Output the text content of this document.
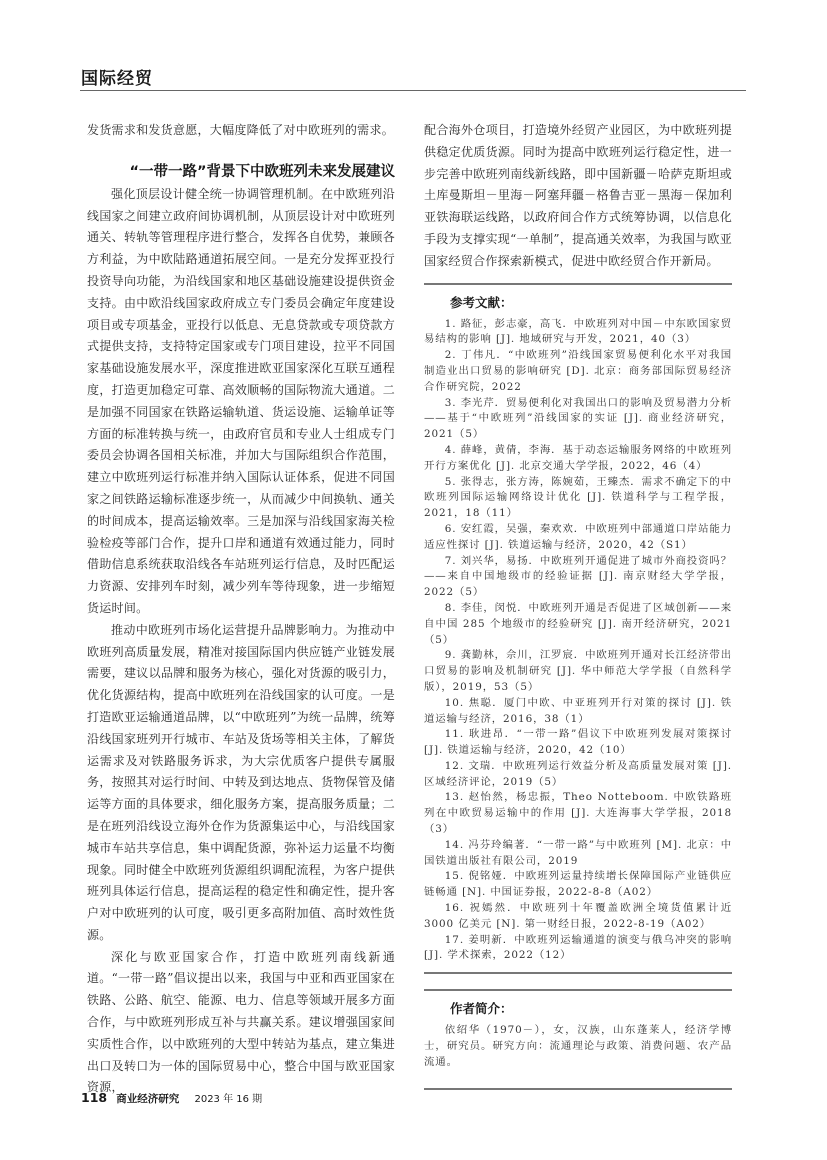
国际经贸

发货需求和发货意愿，大幅度降低了对中欧班列的需求。

“一带一路”背景下中欧班列未来发展建议

强化顶层设计健全统一协调管理机制。在中欧班列沿线国家之间建立政府间协调机制，从顶层设计对中欧班列通关、转轨等管理程序进行整合，发挥各自优势，兼顾各方利益，为中欧陆路通道拓展空间。一是充分发挥亚投行投资导向功能，为沿线国家和地区基础设施建设提供资金支持。由中欧沿线国家政府成立专门委员会确定年度建设项目或专项基金，亚投行以低息、无息贷款或专项贷款方式提供支持，支持特定国家或专门项目建设，拉平不同国家基础设施发展水平，深度推进欧亚国家深化互联互通程度，打造更加稳定可靠、高效顺畅的国际物流大通道。二是加强不同国家在铁路运输轨道、货运设施、运输单证等方面的标准转换与统一，由政府官员和专业人士组成专门委员会协调各国相关标准，并加大与国际组织合作范围，建立中欧班列运行标准并纳入国际认证体系，促进不同国家之间铁路运输标准逐步统一，从而减少中间换轨、通关的时间成本，提高运输效率。三是加深与沿线国家海关检验检疫等部门合作，提升口岸和通道有效通过能力，同时借助信息系统获取沿线各车站班列运行信息，及时匹配运力资源、安排列车时刻，减少列车等待现象，进一步缩短货运时间。

推动中欧班列市场化运营提升品牌影响力。为推动中欧班列高质量发展，精准对接国际国内供应链产业链发展需要，建议以品牌和服务为核心，强化对货源的吸引力，优化货源结构，提高中欧班列在沿线国家的认可度。一是打造欧亚运输通道品牌，以“中欧班列”为统一品牌，统筹沿线国家班列开行城市、车站及货场等相关主体，了解货运需求及对铁路服务诉求，为大宗优质客户提供专属服务，按照其对运行时间、中转及到达地点、货物保管及储运等方面的具体要求，细化服务方案，提高服务质量；二是在班列沿线设立海外仓作为货源集运中心，与沿线国家城市车站共享信息，集中调配货源，弥补运力运量不均衡现象。同时健全中欧班列货源组织调配流程，为客户提供班列具体运行信息，提高运程的稳定性和确定性，提升客户对中欧班列的认可度，吸引更多高附加值、高时效性货源。

深化与欧亚国家合作，打造中欧班列南线新通道。“一带一路”倡议提出以来，我国与中亚和西亚国家在铁路、公路、航空、能源、电力、信息等领域开展多方面合作，与中欧班列形成互补与共赢关系。建议增强国家间实质性合作，以中欧班列的大型中转站为基点，建立集进出口及转口为一体的国际贸易中心，整合中国与欧亚国家资源，

配合海外仓项目，打造境外经贸产业园区，为中欧班列提供稳定优质货源。同时为提高中欧班列运行稳定性，进一步完善中欧班列南线新线路，即中国新疆－哈萨克斯坦或土库曼斯坦－里海－阿塞拜疆－格鲁吉亚－黑海－保加利亚铁海联运线路，以政府间合作方式统筹协调，以信息化手段为支撑实现“一单制”，提高通关效率，为我国与欧亚国家经贸合作探索新模式，促进中欧经贸合作开新局。

参考文献：

1. 路征，彭志豪，高飞．中欧班列对中国－中东欧国家贸易结构的影响 [J]. 地域研究与开发，2021，40（3）

2. 丁伟凡．“中欧班列”沿线国家贸易便利化水平对我国制造业出口贸易的影响研究 [D]. 北京：商务部国际贸易经济合作研究院，2022

3. 李光芹．贸易便利化对我国出口的影响及贸易潜力分析——基于“中欧班列”沿线国家的实证 [J]. 商业经济研究，2021（5）

4. 薛峰，黄倩，李海．基于动态运输服务网络的中欧班列开行方案优化 [J]. 北京交通大学学报，2022，46（4）

5. 张得志，张方涛，陈婉茹，王臻杰．需求不确定下的中欧班列国际运输网络设计优化 [J]. 铁道科学与工程学报，2021，18（11）

6. 安红霞，吴强，秦欢欢．中欧班列中部通道口岸站能力适应性探讨 [J]. 铁道运输与经济，2020，42（S1）

7. 刘兴华，易扬．中欧班列开通促进了城市外商投资吗？——来自中国地级市的经验证据 [J]. 南京财经大学学报，2022（5）

8. 李佳，闵悦．中欧班列开通是否促进了区域创新——来自中国 285 个地级市的经验研究 [J]. 南开经济研究，2021（5）

9. 龚勤林，佘川，江罗宸．中欧班列开通对长江经济带出口贸易的影响及机制研究 [J]. 华中师范大学学报（自然科学版），2019，53（5）

10. 焦聪．厦门中欧、中亚班列开行对策的探讨 [J]. 铁道运输与经济，2016，38（1）

11. 耿进昂．“一带一路”倡议下中欧班列发展对策探讨 [J]. 铁道运输与经济，2020，42（10）

12. 文瑞．中欧班列运行效益分析及高质量发展对策 [J]. 区域经济评论，2019（5）

13. 赵怡然，杨忠振，Theo Notteboom. 中欧铁路班列在中欧贸易运输中的作用 [J]. 大连海事大学学报，2018（3）

14. 冯芬玲编著．“一带一路”与中欧班列 [M]. 北京：中国铁道出版社有限公司，2019

15. 倪铭娅．中欧班列运量持续增长保障国际产业链供应链畅通 [N]. 中国证券报，2022-8-8（A02）

16. 祝嫣然．中欧班列十年覆盖欧洲全境货值累计近 3000 亿美元 [N]. 第一财经日报，2022-8-19（A02）

17. 姜明新．中欧班列运输通道的演变与俄乌冲突的影响 [J]. 学术探索，2022（12）

作者简介：

依绍华（1970－），女，汉族，山东蓬莱人，经济学博士，研究员。研究方向：流通理论与政策、消费问题、农产品流通。

118 商业经济研究 2023 年 16 期
